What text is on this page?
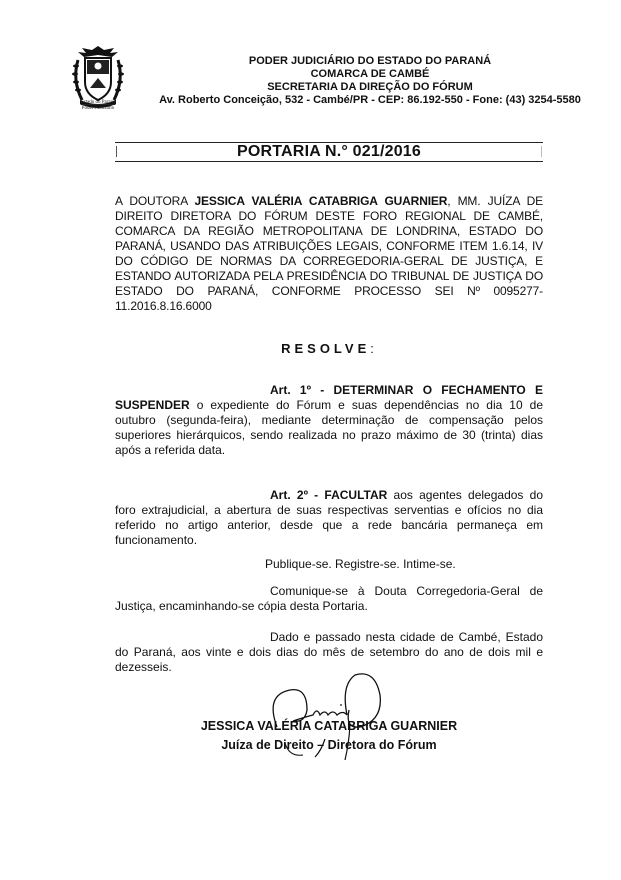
Estado do Paraná
Poder Judiciário
PODER JUDICIÁRIO DO ESTADO DO PARANÁ
COMARCA DE CAMBÉ
SECRETARIA DA DIREÇÃO DO FÓRUM
Av. Roberto Conceição, 532 - Cambé/PR - CEP: 86.192-550 - Fone: (43) 3254-5580
PORTARIA N.° 021/2016
A DOUTORA JESSICA VALÉRIA CATABRIGA GUARNIER, MM. JUÍZA DE DIREITO DIRETORA DO FÓRUM DESTE FORO REGIONAL DE CAMBÉ, COMARCA DA REGIÃO METROPOLITANA DE LONDRINA, ESTADO DO PARANÁ, USANDO DAS ATRIBUIÇÕES LEGAIS, CONFORME ITEM 1.6.14, IV DO CÓDIGO DE NORMAS DA CORREGEDORIA-GERAL DE JUSTIÇA, E ESTANDO AUTORIZADA PELA PRESIDÊNCIA DO TRIBUNAL DE JUSTIÇA DO ESTADO DO PARANÁ, CONFORME PROCESSO SEI Nº 0095277-11.2016.8.16.6000
RESOLVE:
Art. 1º - DETERMINAR O FECHAMENTO E SUSPENDER o expediente do Fórum e suas dependências no dia 10 de outubro (segunda-feira), mediante determinação de compensação pelos superiores hierárquicos, sendo realizada no prazo máximo de 30 (trinta) dias após a referida data.
Art. 2º - FACULTAR aos agentes delegados do foro extrajudicial, a abertura de suas respectivas serventias e ofícios no dia referido no artigo anterior, desde que a rede bancária permaneça em funcionamento.
Publique-se. Registre-se. Intime-se.
Comunique-se à Douta Corregedoria-Geral de Justiça, encaminhando-se cópia desta Portaria.
Dado e passado nesta cidade de Cambé, Estado do Paraná, aos vinte e dois dias do mês de setembro do ano de dois mil e dezesseis.
JESSICA VALÉRIA CATABRIGA GUARNIER
Juíza de Direito – Diretora do Fórum
